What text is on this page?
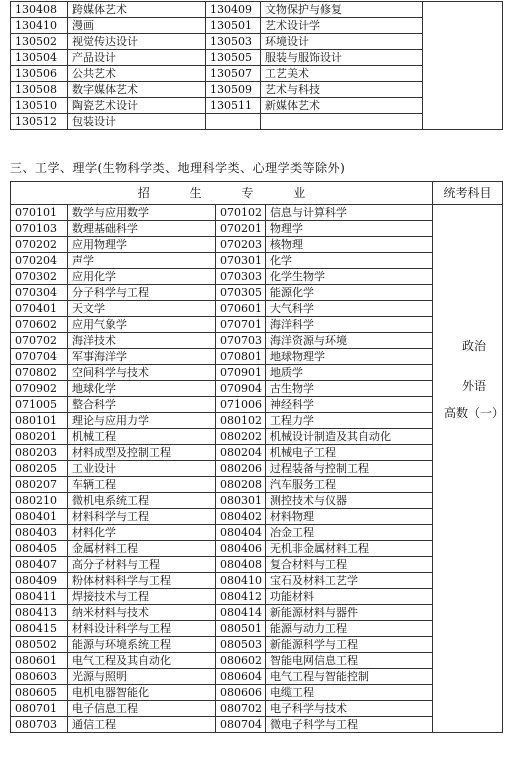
130408	跨媒体艺术	130409	文物保护与修复	
130410	漫画	130501	艺术设计学	
130502	视觉传达设计	130503	环境设计	
130504	产品设计	130505	服装与服饰设计	
130506	公共艺术	130507	工艺美术	
130508	数字媒体艺术	130509	艺术与科技	
130510	陶瓷艺术设计	130511	新媒体艺术	
130512	包装设计			
三、工学、理学(生物科学类、地理科学类、心理学类等除外)
招 生 专 业				统考科目
070101	数学与应用数学	070102	信息与计算科学	
070103	数理基础科学	070201	物理学	
070202	应用物理学	070203	核物理	
070204	声学	070301	化学	
070302	应用化学	070303	化学生物学	
070304	分子科学与工程	070305	能源化学	
070401	天文学	070601	大气科学	
070602	应用气象学	070701	海洋科学	
070702	海洋技术	070703	海洋资源与环境	
070704	军事海洋学	070801	地球物理学	
070802	空间科学与技术	070901	地质学	
070902	地球化学	070904	古生物学	
071005	整合科学	071006	神经科学	
080101	理论与应用力学	080102	工程力学	
080201	机械工程	080202	机械设计制造及其自动化	
080203	材料成型及控制工程	080204	机械电子工程	
080205	工业设计	080206	过程装备与控制工程	
080207	车辆工程	080208	汽车服务工程	
080210	微机电系统工程	080301	测控技术与仪器	
080401	材料科学与工程	080402	材料物理	
080403	材料化学	080404	冶金工程	
080405	金属材料工程	080406	无机非金属材料工程	
080407	高分子材料与工程	080408	复合材料与工程	
080409	粉体材料科学与工程	080410	宝石及材料工艺学	
080411	焊接技术与工程	080412	功能材料	
080413	纳米材料与技术	080414	新能源材料与器件	
080415	材料设计科学与工程	080501	能源与动力工程	
080502	能源与环境系统工程	080503	新能源科学与工程	
080601	电气工程及其自动化	080602	智能电网信息工程	
080603	光源与照明	080604	电气工程与智能控制	
080605	电机电器智能化	080606	电缆工程	
080701	电子信息工程	080702	电子科学与技术	
080703	通信工程	080704	微电子科学与工程	
政治
外语
高数（一）
